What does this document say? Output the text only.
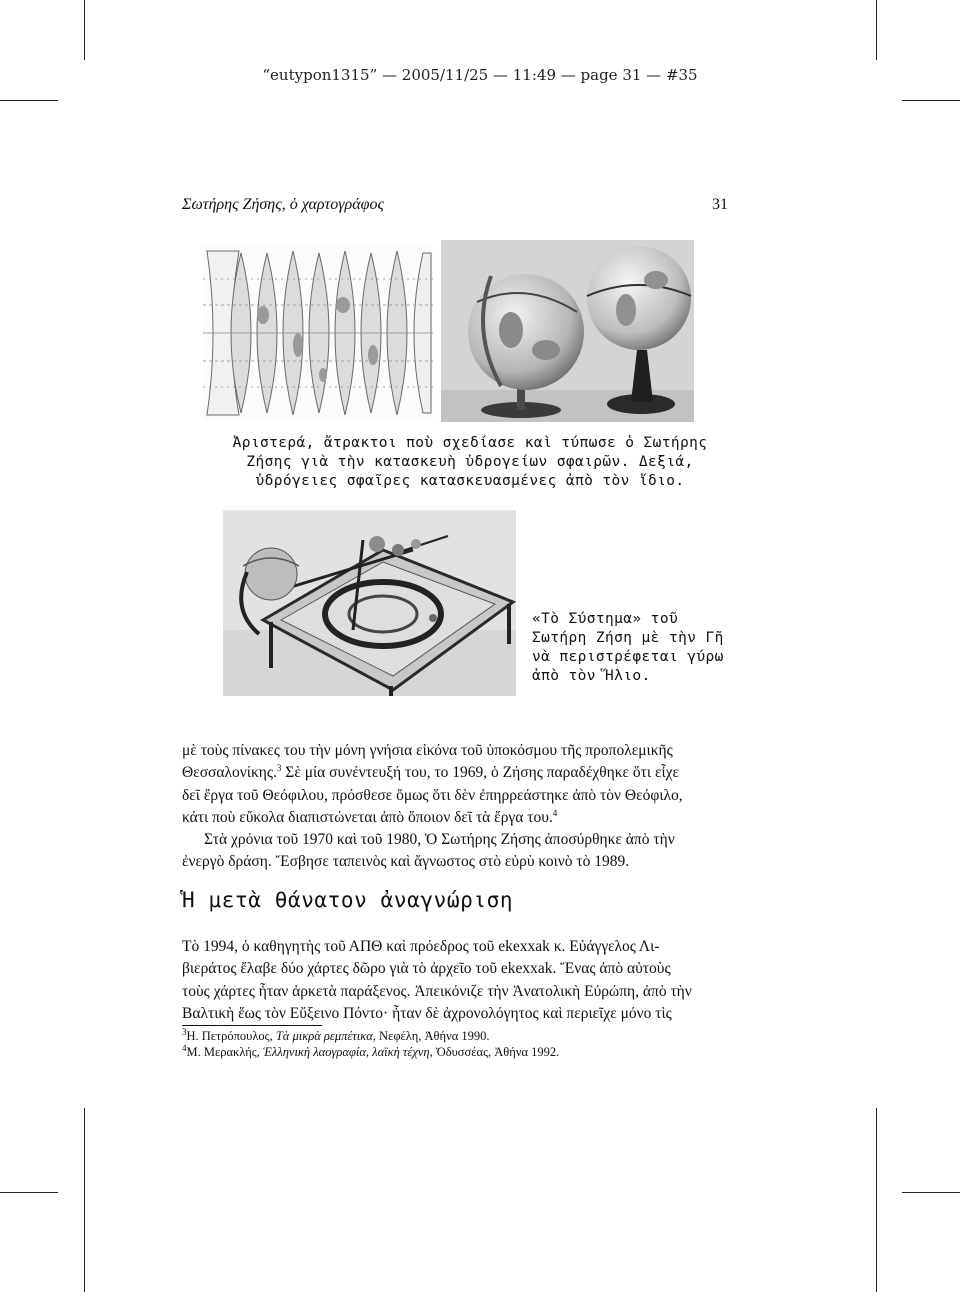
“eutypon1315” — 2005/11/25 — 11:49 — page 31 — #35
Σωτήρης Ζήσης, ὁ χαρτογράφος	31
Ἀριστερά, ἄτρακτοι ποὺ σχεδίασε καὶ τύπωσε ὁ Σωτήρης
Ζήσης γιὰ τὴν κατασκευὴ ὑδρογείων σφαιρῶν. Δεξιά,
ὑδρόγειες σφαῖρες κατασκευασμένες ἀπὸ τὸν ἴδιο.
«Τὸ Σύστημα» τοῦ
Σωτήρη Ζήση μὲ τὴν Γῆ
νὰ περιστρέφεται γύρω
ἀπὸ τὸν Ἥλιο.

μὲ τοὺς πίνακες του τὴν μόνη γνήσια εἰκόνα τοῦ ὑποκόσμου τῆς προπολεμικῆς

Θεσσαλονίκης.$^3$ Σὲ μία συνέντευξή του, το 1969, ὁ Ζήσης παραδέχθηκε ὅτι εἶχε

δεῖ ἔργα τοῦ Θεόφιλου, πρόσθεσε ὅμως ὅτι δὲν ἐπηρρεάστηκε ἀπὸ τὸν Θεόφιλο,

κάτι ποὺ εὔκολα διαπιστώνεται ἀπὸ ὅποιον δεῖ τὰ ἔργα του.$^4$

Στὰ χρόνια τοῦ 1970 καὶ τοῦ 1980, Ὁ Σωτήρης Ζήσης ἀποσύρθηκε ἀπὸ τὴν

ἐνεργὸ δράση. Ἔσβησε ταπεινὸς καὶ ἄγνωστος στὸ εὐρὺ κοινὸ τὸ 1989.

Ἡ μετὰ θάνατον ἀναγνώριση

Τὸ 1994, ὁ καθηγητὴς τοῦ ΑΠΘ καὶ πρόεδρος τοῦ ekexxak κ. Εὐάγγελος Λι-

βιεράτος ἔλαβε δύο χάρτες δῶρο γιὰ τὸ ἀρχεῖο τοῦ ekexxak. Ἕνας ἀπὸ αὐτοὺς

τοὺς χάρτες ἦταν ἀρκετὰ παράξενος. Ἀπεικόνιζε τὴν Ἀνατολικὴ Εὐρώπη, ἀπὸ τὴν

Βαλτικὴ ἕως τὸν Εὔξεινο Πόντο· ἦταν δὲ ἀχρονολόγητος καὶ περιεῖχε μόνο τὶς

$^3$Η. Πετρόπουλος, Τὰ μικρὰ ρεμπέτικα, Νεφέλη, Ἀθήνα 1990.
$^4$Μ. Μερακλής, Ἑλληνικὴ λαογραφία, λαϊκὴ τέχνη, Ὀδυσσέας, Ἀθήνα 1992.
